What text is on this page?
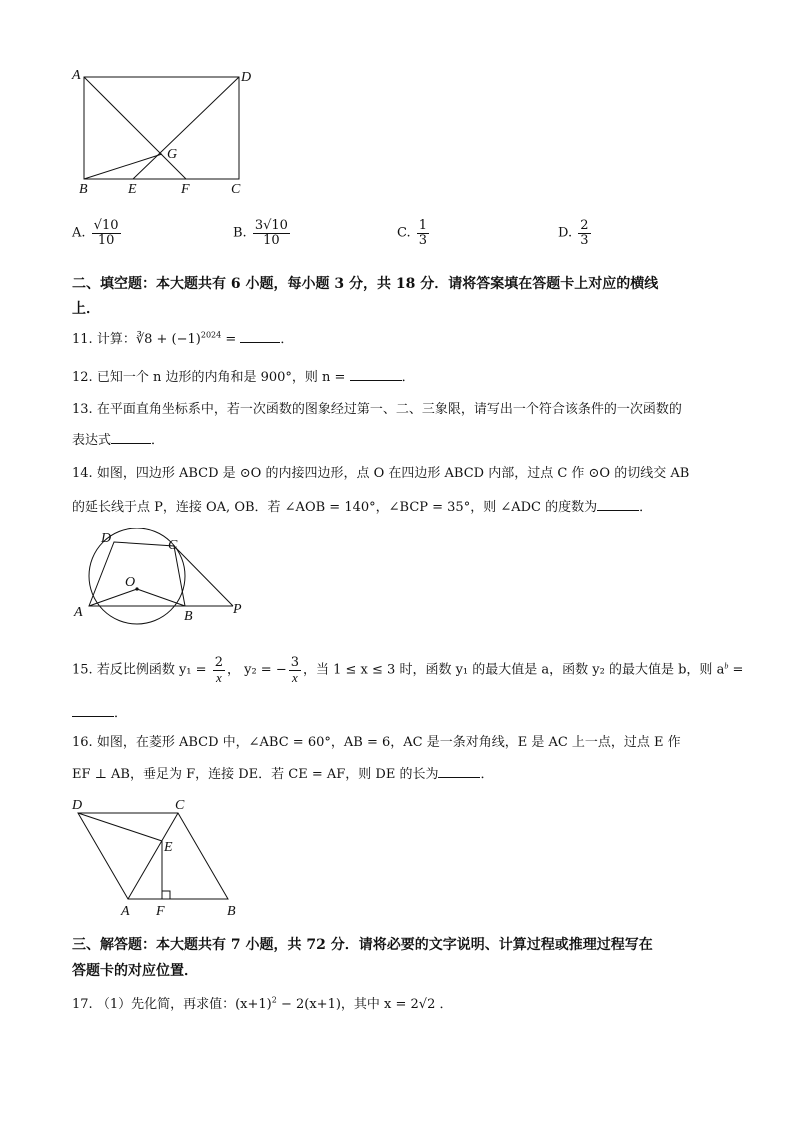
A	D
G
B	E	F	C
A. $\frac{√10}{10}$	B. $\frac{3√10}{10}$	C. $\frac{1}{3}$	D. $\frac{2}{3}$
二、填空题：本大题共有 6 小题，每小题 3 分，共 18 分．请将答案填在答题卡上对应的横线
上．
11. 计算：∛8 + $(-1)^{2024}$ =	．
12. 已知一个 n 边形的内角和是 900°，则 n =	．
13. 在平面直角坐标系中，若一次函数的图象经过第一、二、三象限，请写出一个符合该条件的一次函数的
表达式	．
14. 如图，四边形 ABCD 是 ⊙O 的内接四边形，点 O 在四边形 ABCD 内部，过点 C 作 ⊙O 的切线交 AB
的延长线于点 P，连接 OA, OB．若 ∠AOB = 140°，∠BCP = 35°，则 ∠ADC 的度数为	．
D	C
O
A	B	P
15. 若反比例函数 $y_1 = \frac{2}{x}$ ， y₂ = − $\frac{3}{x}$ ，当 1 ≤ x ≤ 3 时，函数 y₁ 的最大值是 a，函数 y₂ 的最大值是 b，则 $a^b$ =
．
16. 如图，在菱形 ABCD 中，∠ABC = 60°，AB = 6，AC 是一条对角线，E 是 AC 上一点，过点 E 作
EF ⊥ AB，垂足为 F，连接 DE．若 CE = AF，则 DE 的长为	．
D	C
E
A F	B
三、解答题：本大题共有 7 小题，共 72 分．请将必要的文字说明、计算过程或推理过程写在
答题卡的对应位置．
17. （1）先化简，再求值：$(x+1)^2 - 2(x+1)$，其中 x = 2√2 ．
